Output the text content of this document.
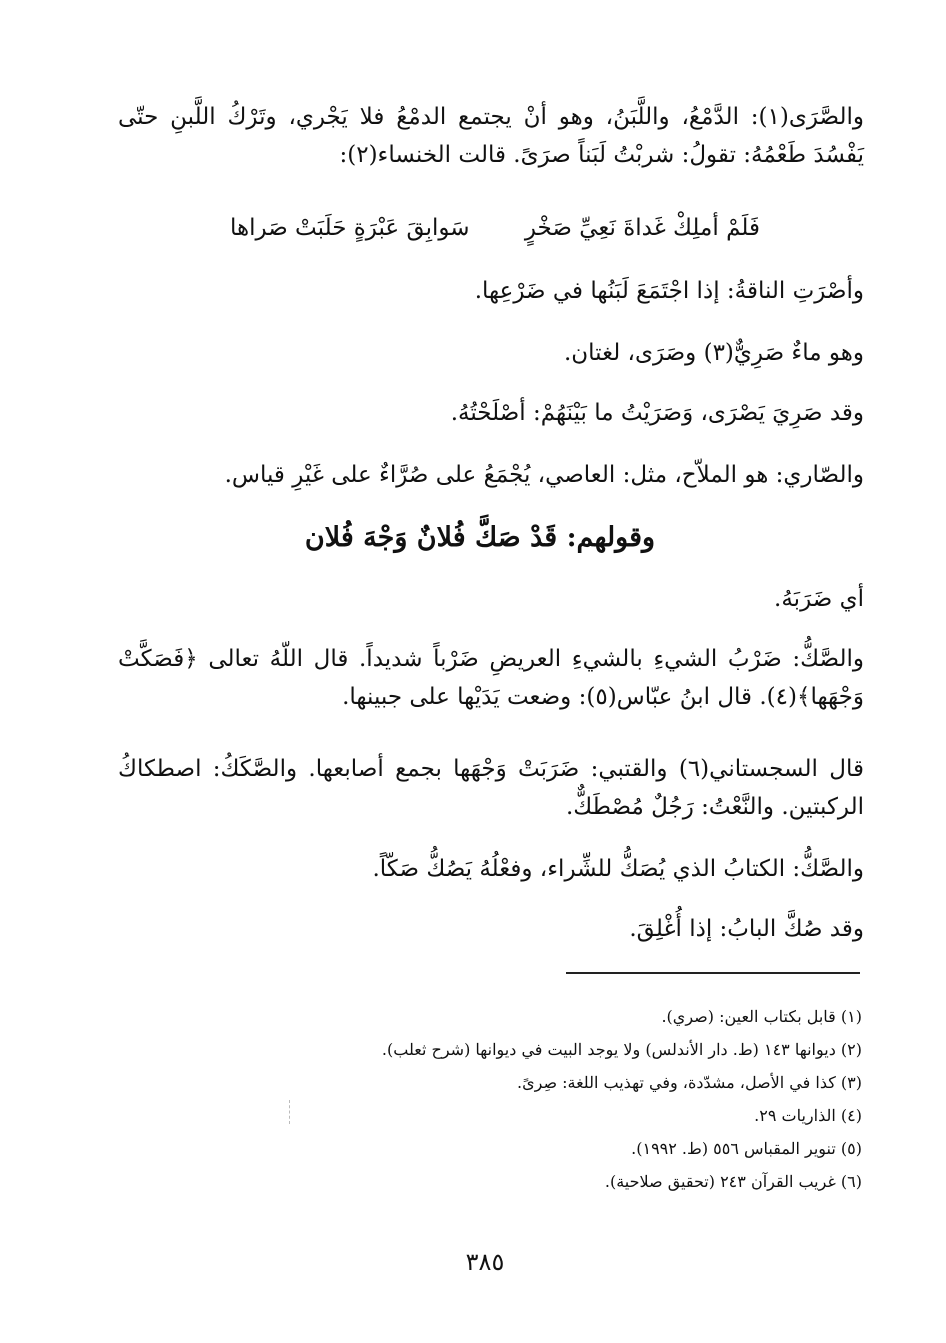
والصَّرَى(١): الدَّمْعُ، واللَّبَنُ، وهو أنْ يجتمع الدمْعُ فلا يَجْري، وتَرْكُ اللَّبنِ حتّى يَفْسُدَ طَعْمُهُ: تقولُ: شربْتُ لَبَناً صرَىً. قالت الخنساء(٢):

فَلَمْ أملِكْ غَداةَ نَعِيِّ صَخْرٍ
سَوابِقَ عَبْرَةٍ حَلَبَتْ صَراها

وأصْرَتِ الناقةُ: إذا اجْتَمَعَ لَبَنُها في ضَرْعِها.

وهو ماءٌ صَرِيٌّ(٣) وصَرَى، لغتان.

وقد صَرِيَ يَصْرَى، وَصَرَيْتُ ما بَيْنَهُمْ: أصْلَحْتُهُ.

والصّاري: هو الملاّح، مثل: العاصي، يُجْمَعُ على صُرَّاءٌ على غَيْرِ قياس.

وقولهم: قَدْ صَكَّ فُلانٌ وَجْهَ فُلان

أي ضَرَبَهُ.

والصَّكُّ: ضَرْبُ الشيءِ بالشيءِ العريضِ ضَرْباً شديداً. قال اللّهُ تعالى ﴿فَصَكَّتْ وَجْهَها﴾(٤). قال ابنُ عبّاس(٥): وضعت يَدَيْها على جبينها.

قال السجستاني(٦) والقتبي: ضَرَبَتْ وَجْهَها بجمع أصابعها. والصَّكَكُ: اصطكاكُ الركبتين. والنَّعْتُ: رَجُلٌ مُصْطَكٌّ.

والصَّكُّ: الكتابُ الذي يُصَكُّ للشِّراء، وفعْلُهُ يَصُكُّ صَكّاً.

وقد صُكَّ البابُ: إذا أُغْلِقَ.

(١) قابل بكتاب العين: (صري).

(٢) ديوانها ١٤٣ (ط. دار الأندلس) ولا يوجد البيت في ديوانها (شرح ثعلب).

(٣) كذا في الأصل، مشدّدة، وفي تهذيب اللغة: صِرىً.

(٤) الذاريات ٢٩.

(٥) تنوير المقباس ٥٥٦ (ط. ١٩٩٢).

(٦) غريب القرآن ٢٤٣ (تحقيق صلاحية).

٣٨٥
